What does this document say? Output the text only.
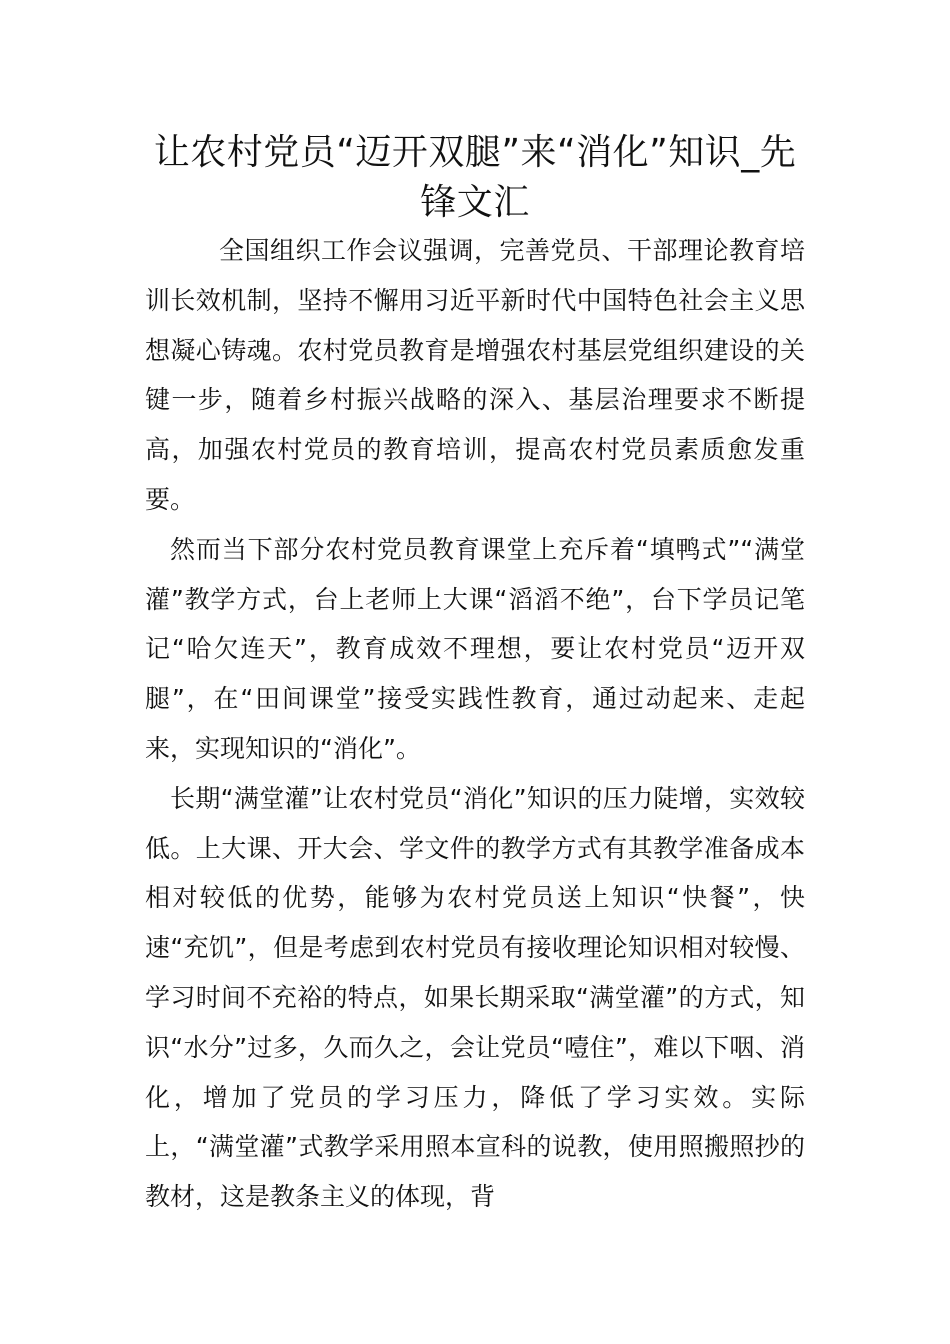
让农村党员“迈开双腿”来“消化”知识_先锋文汇

全国组织工作会议强调，完善党员、干部理论教育培训长效机制，坚持不懈用习近平新时代中国特色社会主义思想凝心铸魂。农村党员教育是增强农村基层党组织建设的关键一步，随着乡村振兴战略的深入、基层治理要求不断提高，加强农村党员的教育培训，提高农村党员素质愈发重要。

然而当下部分农村党员教育课堂上充斥着“填鸭式”“满堂灌”教学方式，台上老师上大课“滔滔不绝”，台下学员记笔记“哈欠连天”，教育成效不理想，要让农村党员“迈开双腿”，在“田间课堂”接受实践性教育，通过动起来、走起来，实现知识的“消化”。

长期“满堂灌”让农村党员“消化”知识的压力陡增，实效较低。上大课、开大会、学文件的教学方式有其教学准备成本相对较低的优势，能够为农村党员送上知识“快餐”，快速“充饥”，但是考虑到农村党员有接收理论知识相对较慢、学习时间不充裕的特点，如果长期采取“满堂灌”的方式，知识“水分”过多，久而久之，会让党员“噎住”，难以下咽、消化，增加了党员的学习压力，降低了学习实效。实际上，“满堂灌”式教学采用照本宣科的说教，使用照搬照抄的教材，这是教条主义的体现，背
